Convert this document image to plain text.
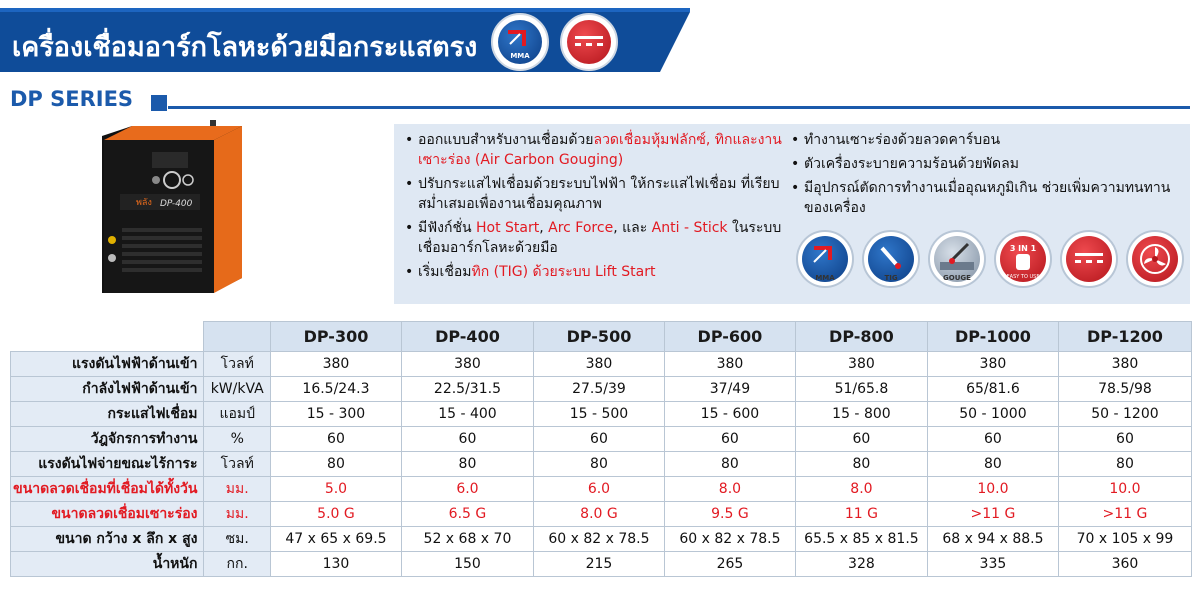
เครื่องเชื่อมอาร์กโลหะด้วยมือกระแสตรง	MMA
DP SERIES
พลัง DP-400
• ออกแบบสำหรับงานเชื่อมด้วยลวดเชื่อมหุ้มฟลักซ์, ทิกและงานเซาะร่อง (Air Carbon Gouging)
• ปรับกระแสไฟเชื่อมด้วยระบบไฟฟ้า ให้กระแสไฟเชื่อม ที่เรียบสม่ำเสมอเพื่องานเชื่อมคุณภาพ
• มีฟังก์ชั่น Hot Start, Arc Force, และ Anti - Stick ในระบบเชื่อมอาร์กโลหะด้วยมือ
• เริ่มเชื่อมทิก (TIG) ด้วยระบบ Lift Start
• ทำงานเซาะร่องด้วยลวดคาร์บอน
• ตัวเครื่องระบายความร้อนด้วยพัดลม
• มีอุปกรณ์ตัดการทำงานเมื่ออุณหภูมิเกิน ช่วยเพิ่มความทนทานของเครื่อง
MMA	TIG	GOUGE
3 IN 1
EASY TO USE
		DP-300	DP-400	DP-500	DP-600	DP-800	DP-1000	DP-1200
แรงดันไฟฟ้าด้านเข้า	โวลท์	380	380	380	380	380	380	380
กำลังไฟฟ้าด้านเข้า	kW/kVA	16.5/24.3	22.5/31.5	27.5/39	37/49	51/65.8	65/81.6	78.5/98
กระแสไฟเชื่อม	แอมป์	15 - 300	15 - 400	15 - 500	15 - 600	15 - 800	50 - 1000	50 - 1200
วัฎจักรการทำงาน	%	60	60	60	60	60	60	60
แรงดันไฟจ่ายขณะไร้การะ	โวลท์	80	80	80	80	80	80	80
ขนาดลวดเชื่อมที่เชื่อมได้ทั้งวัน	มม.	5.0	6.0	6.0	8.0	8.0	10.0	10.0
ขนาดลวดเชื่อมเซาะร่อง	มม.	5.0 G	6.5 G	8.0 G	9.5 G	11 G	>11 G	>11 G
ขนาด กว้าง x ลึก x สูง	ซม.	47 x 65 x 69.5	52 x 68 x 70	60 x 82 x 78.5	60 x 82 x 78.5	65.5 x 85 x 81.5	68 x 94 x 88.5	70 x 105 x 99
น้ำหนัก	กก.	130	150	215	265	328	335	360
